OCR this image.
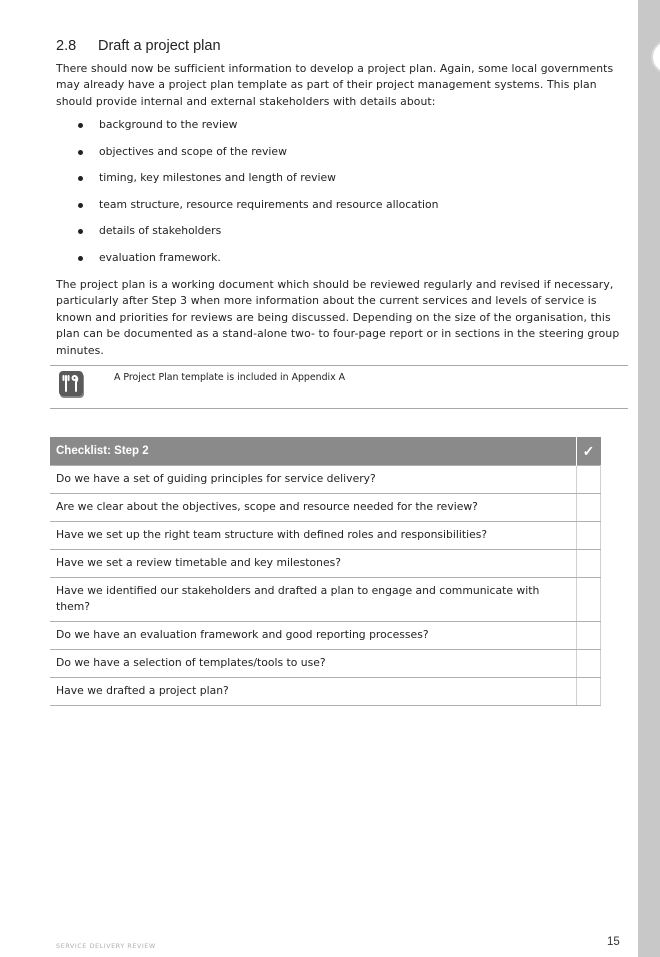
2.8 Draft a project plan

There should now be sufficient information to develop a project plan. Again, some local governments may already have a project plan template as part of their project management systems. This plan should provide internal and external stakeholders with details about:

background to the review
objectives and scope of the review
timing, key milestones and length of review
team structure, resource requirements and resource allocation
details of stakeholders
evaluation framework.

The project plan is a working document which should be reviewed regularly and revised if necessary, particularly after Step 3 when more information about the current services and levels of service is known and priorities for reviews are being discussed. Depending on the size of the organisation, this plan can be documented as a stand-alone two- to four-page report or in sections in the steering group minutes.

A Project Plan template is included in Appendix A
Checklist: Step 2	✓
Do we have a set of guiding principles for service delivery?	
Are we clear about the objectives, scope and resource needed for the review?	
Have we set up the right team structure with defined roles and responsibilities?	
Have we set a review timetable and key milestones?	
Have we identified our stakeholders and drafted a plan to engage and communicate with them?	
Do we have an evaluation framework and good reporting processes?	
Do we have a selection of templates/tools to use?	
Have we drafted a project plan?	
SERVICE DELIVERY REVIEW	15
